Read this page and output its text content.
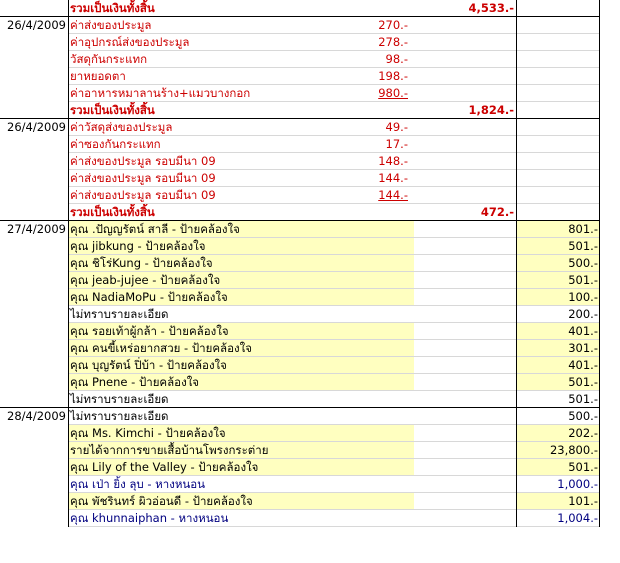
รวมเป็นเงินทั้งสิ้น	4,533.-
26/4/2009 ค่าส่งของประมูล	270.-
ค่าอุปกรณ์ส่งของประมูล	278.-
วัสดุกันกระแทก	98.-
ยาหยอดตา	198.-
ค่าอาหารหมาลานร้าง+แมวบางกอก	980.-
รวมเป็นเงินทั้งสิ้น	1,824.-
26/4/2009 ค่าวัสดุส่งของประมูล	49.-
ค่าซองกันกระแทก	17.-
ค่าส่งของประมูล รอบมีนา 09	148.-
ค่าส่งของประมูล รอบมีนา 09	144.-
ค่าส่งของประมูล รอบมีนา 09	144.-
รวมเป็นเงินทั้งสิ้น	472.-
27/4/2009 คุณ .ปัญญรัตน์ สาลี - ป้ายคล้องใจ	801.-
คุณ jibkung - ป้ายคล้องใจ	501.-
คุณ ชิโร่Kung - ป้ายคล้องใจ	500.-
คุณ jeab-jujee - ป้ายคล้องใจ	501.-
คุณ NadiaMoPu - ป้ายคล้องใจ	100.-
ไม่ทราบรายละเอียด	200.-
คุณ รอยเท้าผู้กล้า - ป้ายคล้องใจ	401.-
คุณ คนขี้เหร่อยากสวย - ป้ายคล้องใจ	301.-
คุณ บุญรัตน์ ปิ่บ้า - ป้ายคล้องใจ	401.-
คุณ Pnene - ป้ายคล้องใจ	501.-
ไม่ทราบรายละเอียด	501.-
28/4/2009 ไม่ทราบรายละเอียด	500.-
คุณ Ms. Kimchi - ป้ายคล้องใจ	202.-
รายได้จากการขายเสื้อบ้านโพรงกระต่าย	23,800.-
คุณ Lily of the Valley - ป้ายคล้องใจ	501.-
คุณ เป่า ยิ้ง ลุบ - หางหนอน	1,000.-
คุณ พัชรินทร์ ผิวอ่อนดี - ป้ายคล้องใจ	101.-
คุณ khunnaiphan - หางหนอน	1,004.-
